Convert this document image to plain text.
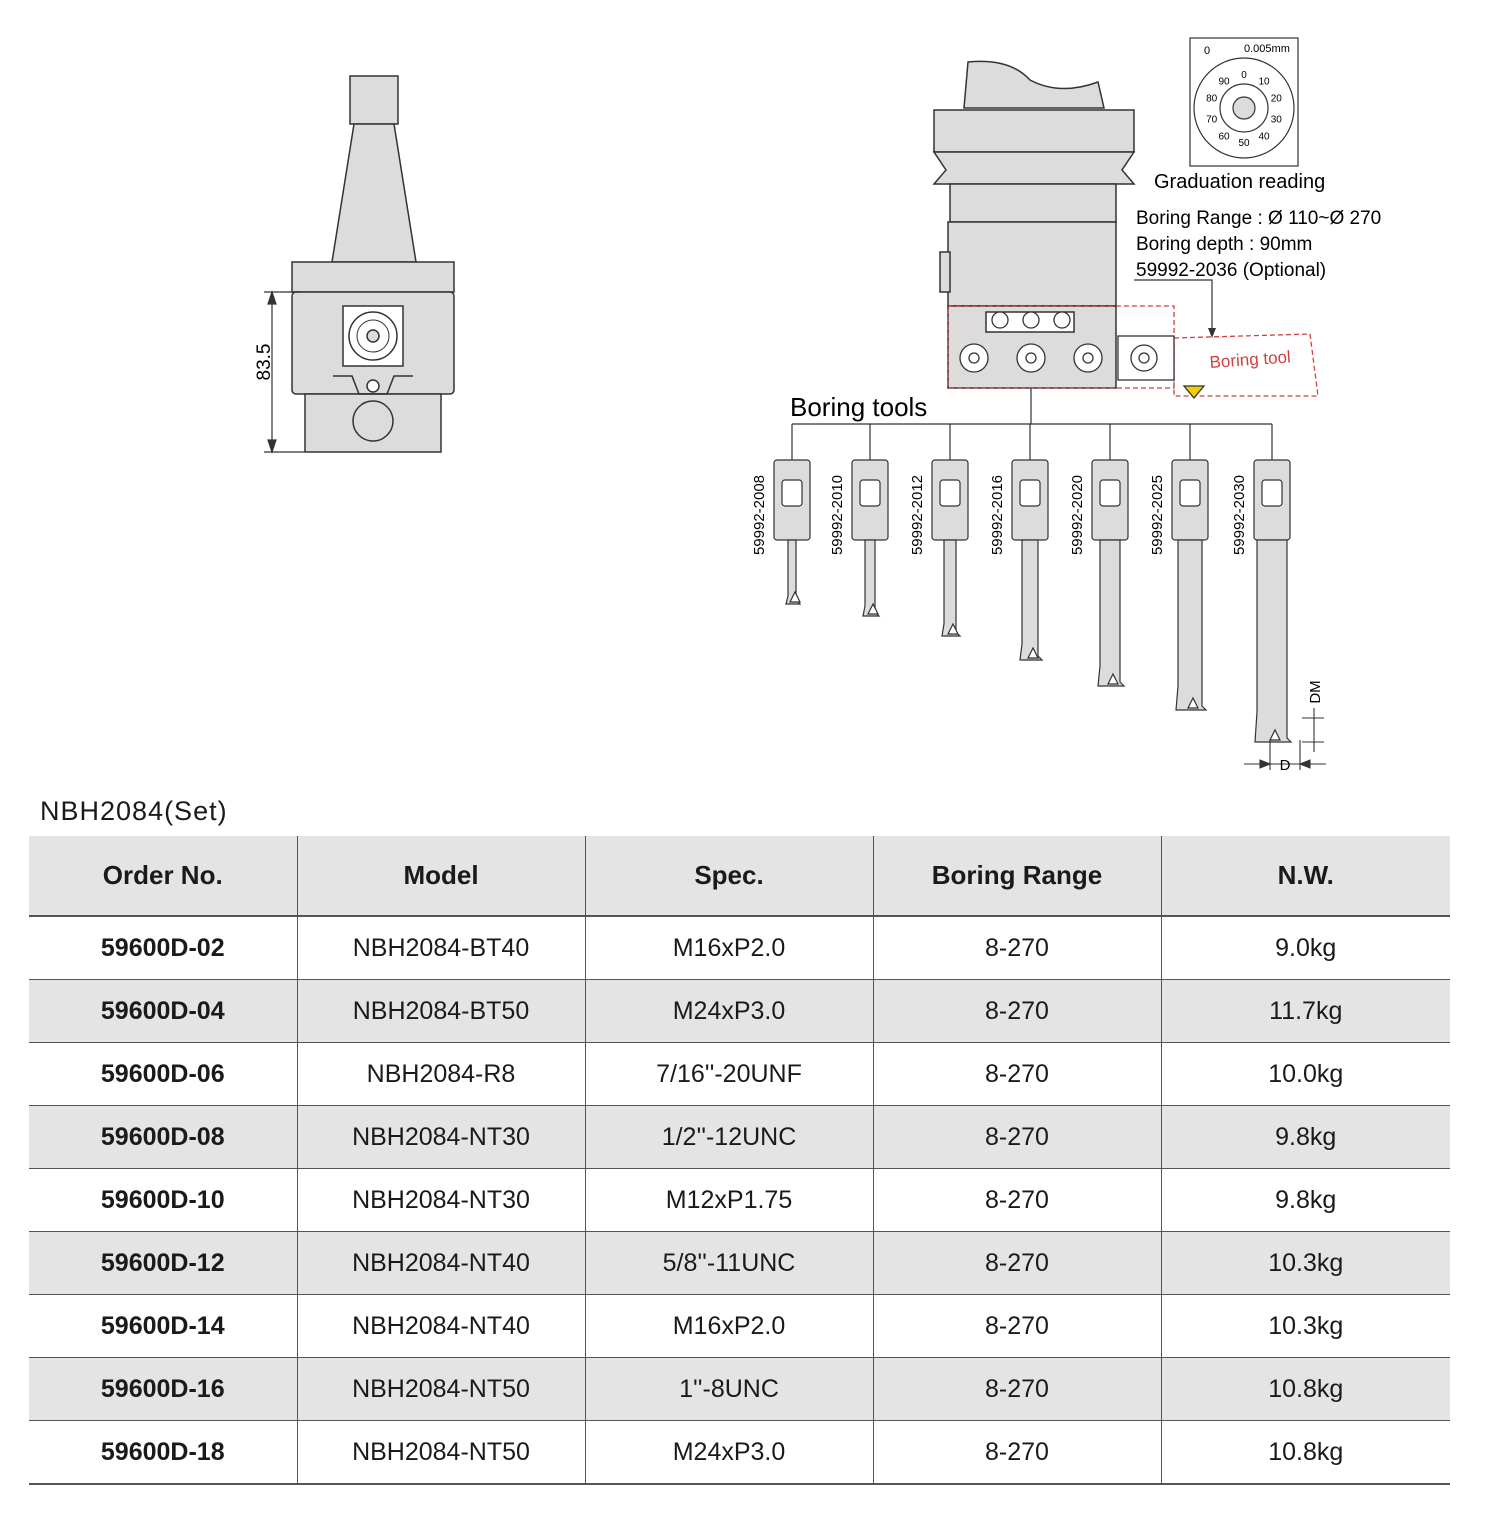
83.5	Boring tool
0.005mm
0
0
10
20
30
40
50
60
70
80
90
Graduation reading
Boring Range : Ø 110~Ø 270
Boring depth : 90mm
59992-2036 (Optional)
Boring tools
59992-2008	59992-2010	59992-2012	59992-2016	59992-2020	59992-2025	59992-2030
DM
D
NBH2084(Set)
Order No.	Model	Spec.	Boring Range	N.W.
59600D-02	NBH2084-BT40	M16xP2.0	8-270	9.0kg
59600D-04	NBH2084-BT50	M24xP3.0	8-270	11.7kg
59600D-06	NBH2084-R8	7/16''-20UNF	8-270	10.0kg
59600D-08	NBH2084-NT30	1/2''-12UNC	8-270	9.8kg
59600D-10	NBH2084-NT30	M12xP1.75	8-270	9.8kg
59600D-12	NBH2084-NT40	5/8''-11UNC	8-270	10.3kg
59600D-14	NBH2084-NT40	M16xP2.0	8-270	10.3kg
59600D-16	NBH2084-NT50	1''-8UNC	8-270	10.8kg
59600D-18	NBH2084-NT50	M24xP3.0	8-270	10.8kg
